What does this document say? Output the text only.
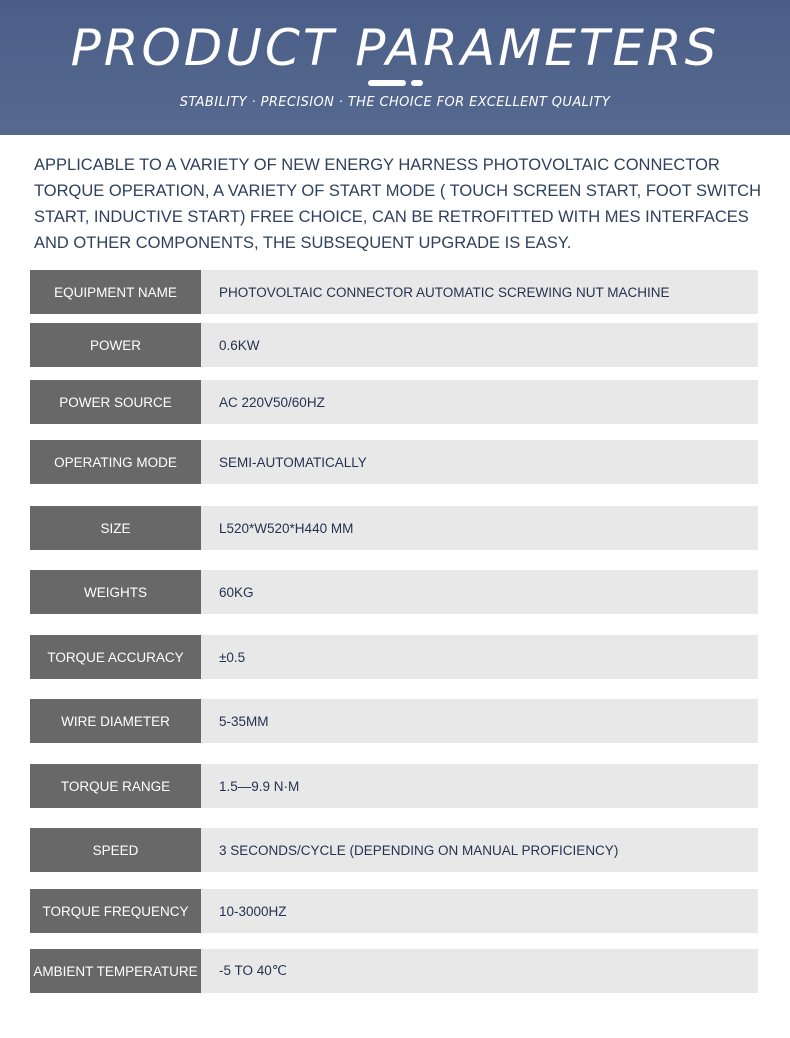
PRODUCT PARAMETERS
STABILITY · PRECISION · THE CHOICE FOR EXCELLENT QUALITY
APPLICABLE TO A VARIETY OF NEW ENERGY HARNESS PHOTOVOLTAIC CONNECTOR TORQUE OPERATION, A VARIETY OF START MODE ( TOUCH SCREEN START, FOOT SWITCH START, INDUCTIVE START) FREE CHOICE, CAN BE RETROFITTED WITH MES INTERFACES AND OTHER COMPONENTS, THE SUBSEQUENT UPGRADE IS EASY.
EQUIPMENT NAME	PHOTOVOLTAIC CONNECTOR AUTOMATIC SCREWING NUT MACHINE
POWER	0.6KW
POWER SOURCE	AC 220V50/60HZ
OPERATING MODE	SEMI-AUTOMATICALLY
SIZE	L520*W520*H440 MM
WEIGHTS	60KG
TORQUE ACCURACY	±0.5
WIRE DIAMETER	5-35MM
TORQUE RANGE	1.5—9.9 N·M
SPEED	3 SECONDS/CYCLE (DEPENDING ON MANUAL PROFICIENCY)
TORQUE FREQUENCY	10-3000HZ
AMBIENT TEMPERATURE	-5 TO 40℃
